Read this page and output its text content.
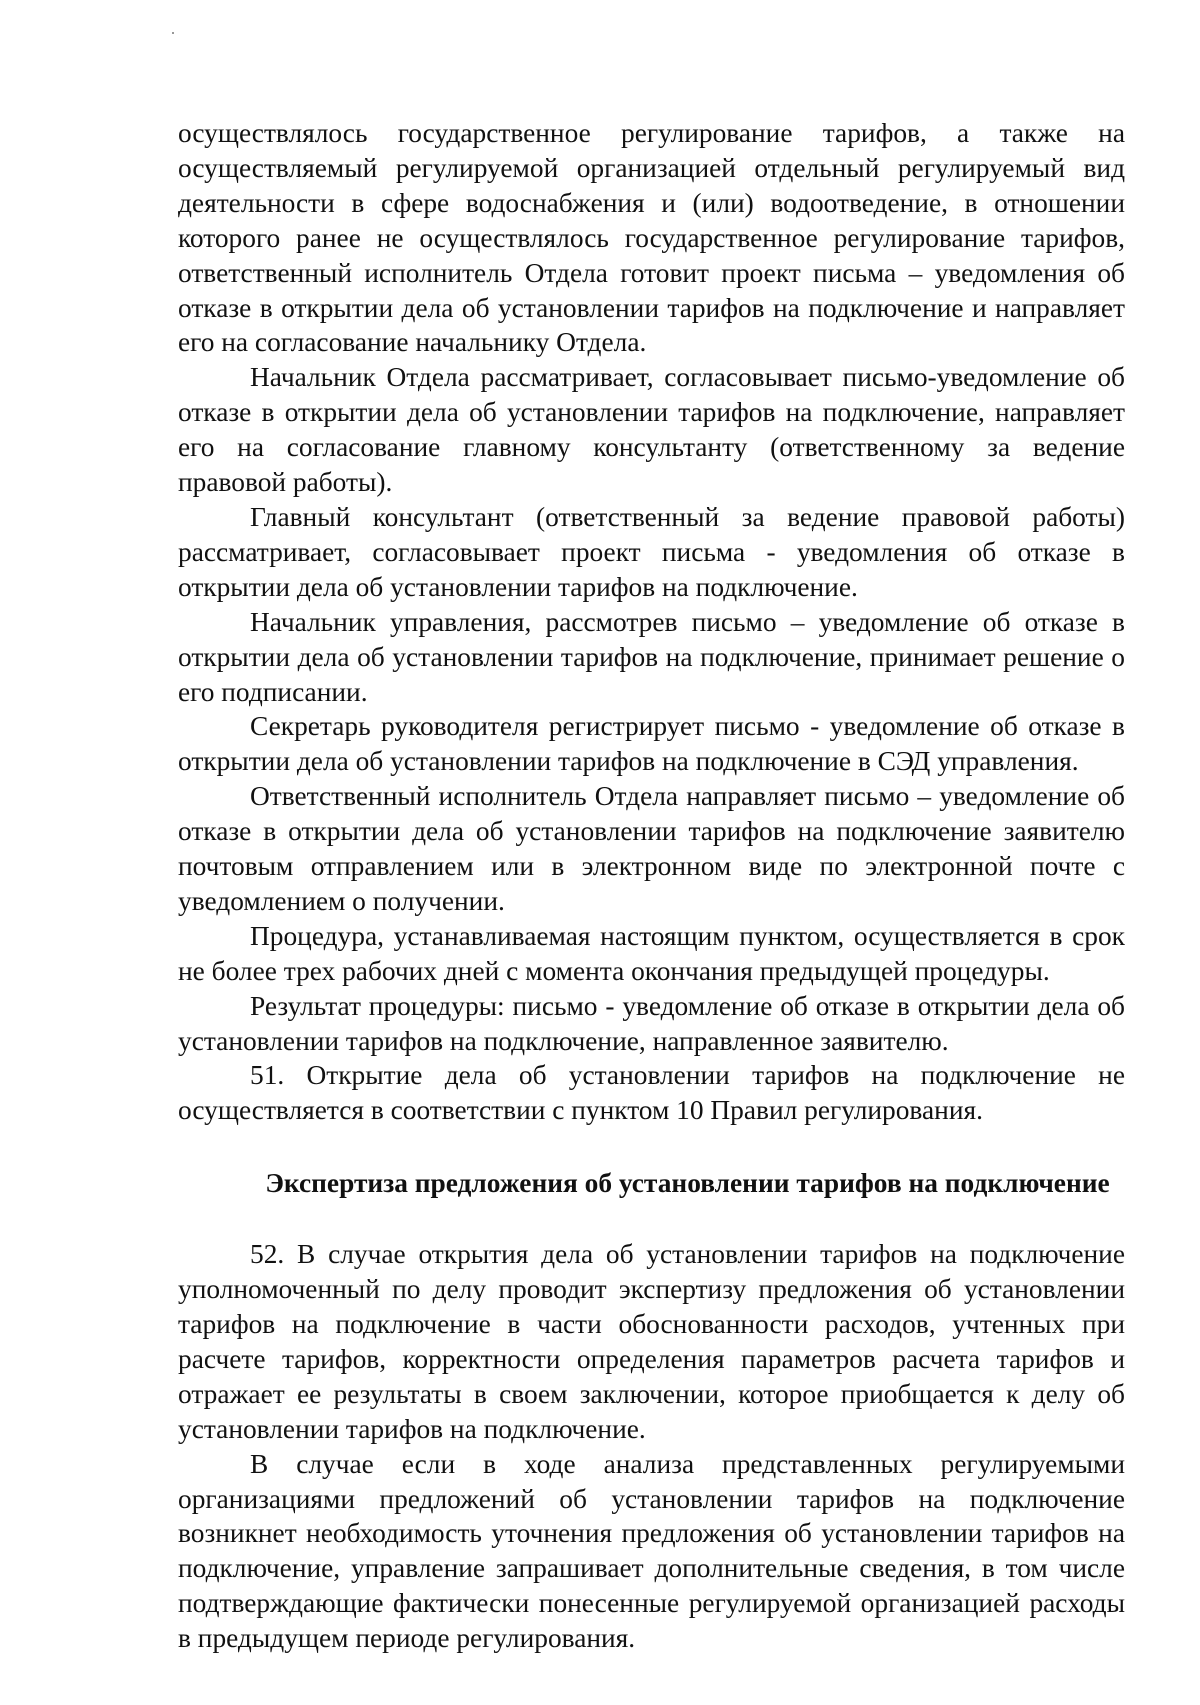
осуществлялось государственное регулирование тарифов, а также на осуществляемый регулируемой организацией отдельный регулируемый вид деятельности в сфере водоснабжения и (или) водоотведение, в отношении которого ранее не осуществлялось государственное регулирование тарифов, ответственный исполнитель Отдела готовит проект письма – уведомления об отказе в открытии дела об установлении тарифов на подключение и направляет его на согласование начальнику Отдела.

Начальник Отдела рассматривает, согласовывает письмо-уведомление об отказе в открытии дела об установлении тарифов на подключение, направляет его на согласование главному консультанту (ответственному за ведение правовой работы).

Главный консультант (ответственный за ведение правовой работы) рассматривает, согласовывает проект письма - уведомления об отказе в открытии дела об установлении тарифов на подключение.

Начальник управления, рассмотрев письмо – уведомление об отказе в открытии дела об установлении тарифов на подключение, принимает решение о его подписании.

Секретарь руководителя регистрирует письмо - уведомление об отказе в открытии дела об установлении тарифов на подключение в СЭД управления.

Ответственный исполнитель Отдела направляет письмо – уведомление об отказе в открытии дела об установлении тарифов на подключение заявителю почтовым отправлением или в электронном виде по электронной почте с уведомлением о получении.

Процедура, устанавливаемая настоящим пунктом, осуществляется в срок не более трех рабочих дней с момента окончания предыдущей процедуры.

Результат процедуры: письмо - уведомление об отказе в открытии дела об установлении тарифов на подключение, направленное заявителю.

51. Открытие дела об установлении тарифов на подключение не осуществляется в соответствии с пунктом 10 Правил регулирования.

Экспертиза предложения об установлении тарифов на подключение

52. В случае открытия дела об установлении тарифов на подключение уполномоченный по делу проводит экспертизу предложения об установлении тарифов на подключение в части обоснованности расходов, учтенных при расчете тарифов, корректности определения параметров расчета тарифов и отражает ее результаты в своем заключении, которое приобщается к делу об установлении тарифов на подключение.

В случае если в ходе анализа представленных регулируемыми организациями предложений об установлении тарифов на подключение возникнет необходимость уточнения предложения об установлении тарифов на подключение, управление запрашивает дополнительные сведения, в том числе подтверждающие фактически понесенные регулируемой организацией расходы в предыдущем периоде регулирования.
